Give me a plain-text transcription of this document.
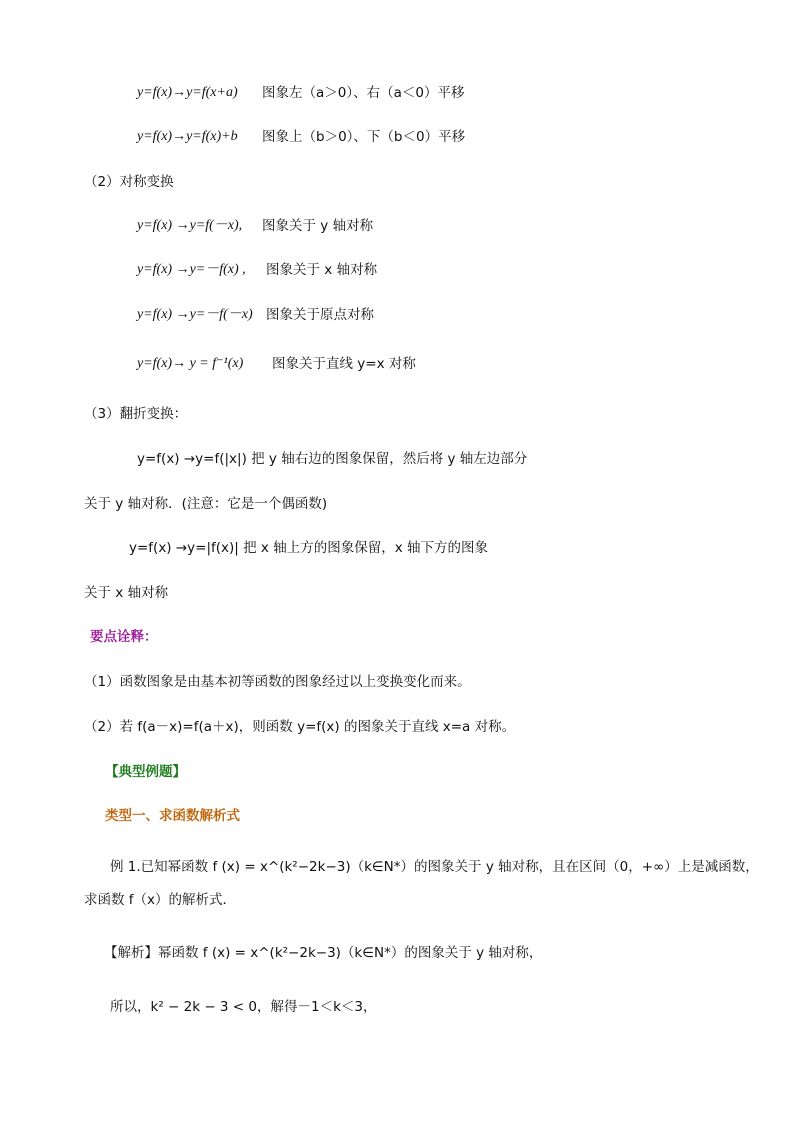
y=f(x)→y=f(x+a) 图象左（a＞0）、右（a＜0）平移
y=f(x)→y=f(x)+b 图象上（b＞0）、下（b＜0）平移
（2）对称变换
y=f(x) →y=f(－x), 图象关于 y 轴对称
y=f(x) →y=－f(x) , 图象关于 x 轴对称
y=f(x) →y=－f(－x) 图象关于原点对称
y=f(x)→ y = f⁻¹(x) 图象关于直线 y=x 对称
（3）翻折变换：
y=f(x) →y=f(|x|) 把 y 轴右边的图象保留，然后将 y 轴左边部分
关于 y 轴对称．(注意：它是一个偶函数)
y=f(x) →y=|f(x)| 把 x 轴上方的图象保留，x 轴下方的图象
关于 x 轴对称
要点诠释：
（1）函数图象是由基本初等函数的图象经过以上变换变化而来。
（2）若 f(a－x)=f(a＋x)，则函数 y=f(x) 的图象关于直线 x=a 对称。
【典型例题】
类型一、求函数解析式
例 1.已知幂函数 f (x) = x^(k²−2k−3)（k∈N*）的图象关于 y 轴对称，且在区间（0，+∞）上是减函数，
求函数 f（x）的解析式．
【解析】幂函数 f (x) = x^(k²−2k−3)（k∈N*）的图象关于 y 轴对称，
所以，k² − 2k − 3 < 0，解得－1＜k＜3，
